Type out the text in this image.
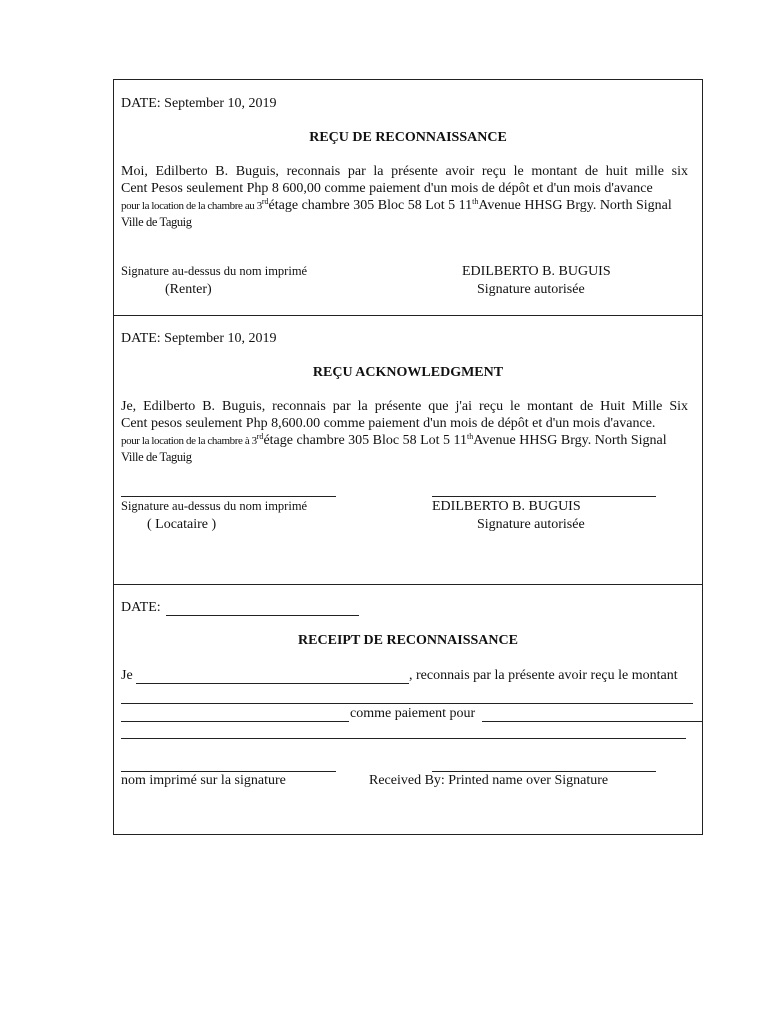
DATE: September 10, 2019
REÇU DE RECONNAISSANCE
Moi, Edilberto B. Buguis, reconnais par la présente avoir reçu le montant de huit mille six
Cent Pesos seulement Php 8 600,00 comme paiement d'un mois de dépôt et d'un mois d'avance
pour la location de la chambre au 3rdétage chambre 305 Bloc 58 Lot 5 11thAvenue HHSG Brgy. North Signal
Ville de Taguig
Signature au-dessus du nom imprimé
(Renter)
EDILBERTO B. BUGUIS
Signature autorisée
DATE: September 10, 2019
REÇU ACKNOWLEDGMENT
Je, Edilberto B. Buguis, reconnais par la présente que j'ai reçu le montant de Huit Mille Six
Cent pesos seulement Php 8,600.00 comme paiement d'un mois de dépôt et d'un mois d'avance.
pour la location de la chambre à 3rdétage chambre 305 Bloc 58 Lot 5 11thAvenue HHSG Brgy. North Signal
Ville de Taguig
Signature au-dessus du nom imprimé
( Locataire )
EDILBERTO B. BUGUIS
Signature autorisée
DATE:
RECEIPT DE RECONNAISSANCE
Je	, reconnais par la présente avoir reçu le montant
comme paiement pour
nom imprimé sur la signature	Received By: Printed name over Signature
